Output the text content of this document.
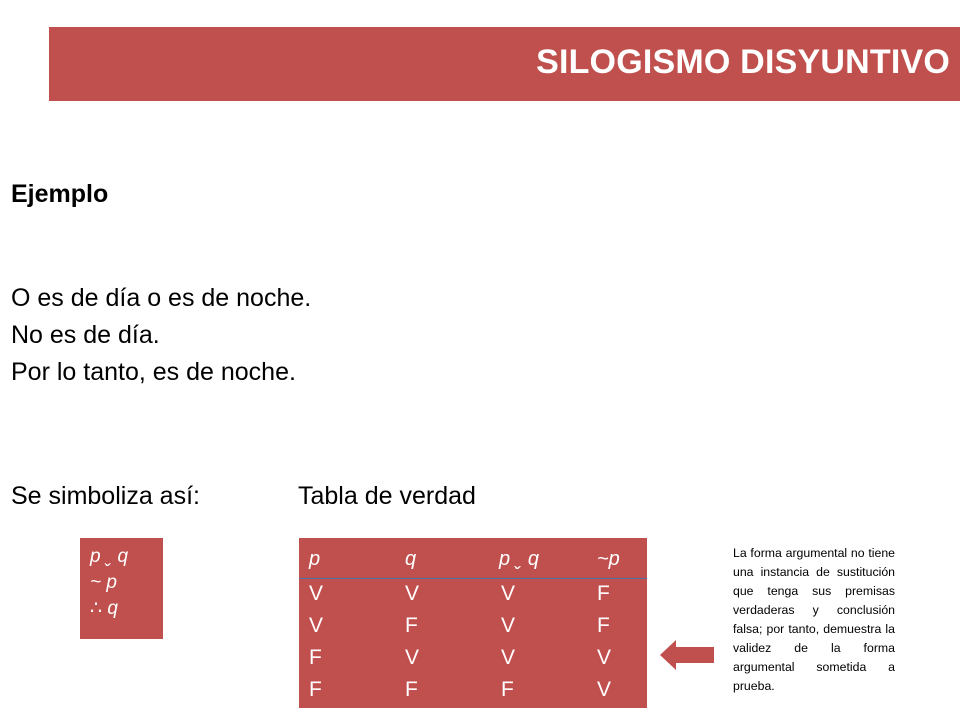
SILOGISMO DISYUNTIVO
Ejemplo
O es de día o es de noche.
No es de día.
Por lo tanto, es de noche.
Se simboliza así:	Tabla de verdad
p ˬ q
~ p
∴ q
p	q	p ˬ q	~p
V	V	V	F
V	F	V	F
F	V	V	V
F	F	F	V
La forma argumental no tiene una instancia de sustitución que tenga sus premisas verdaderas y conclusión falsa; por tanto, demuestra la validez de la forma argumental sometida a prueba.
